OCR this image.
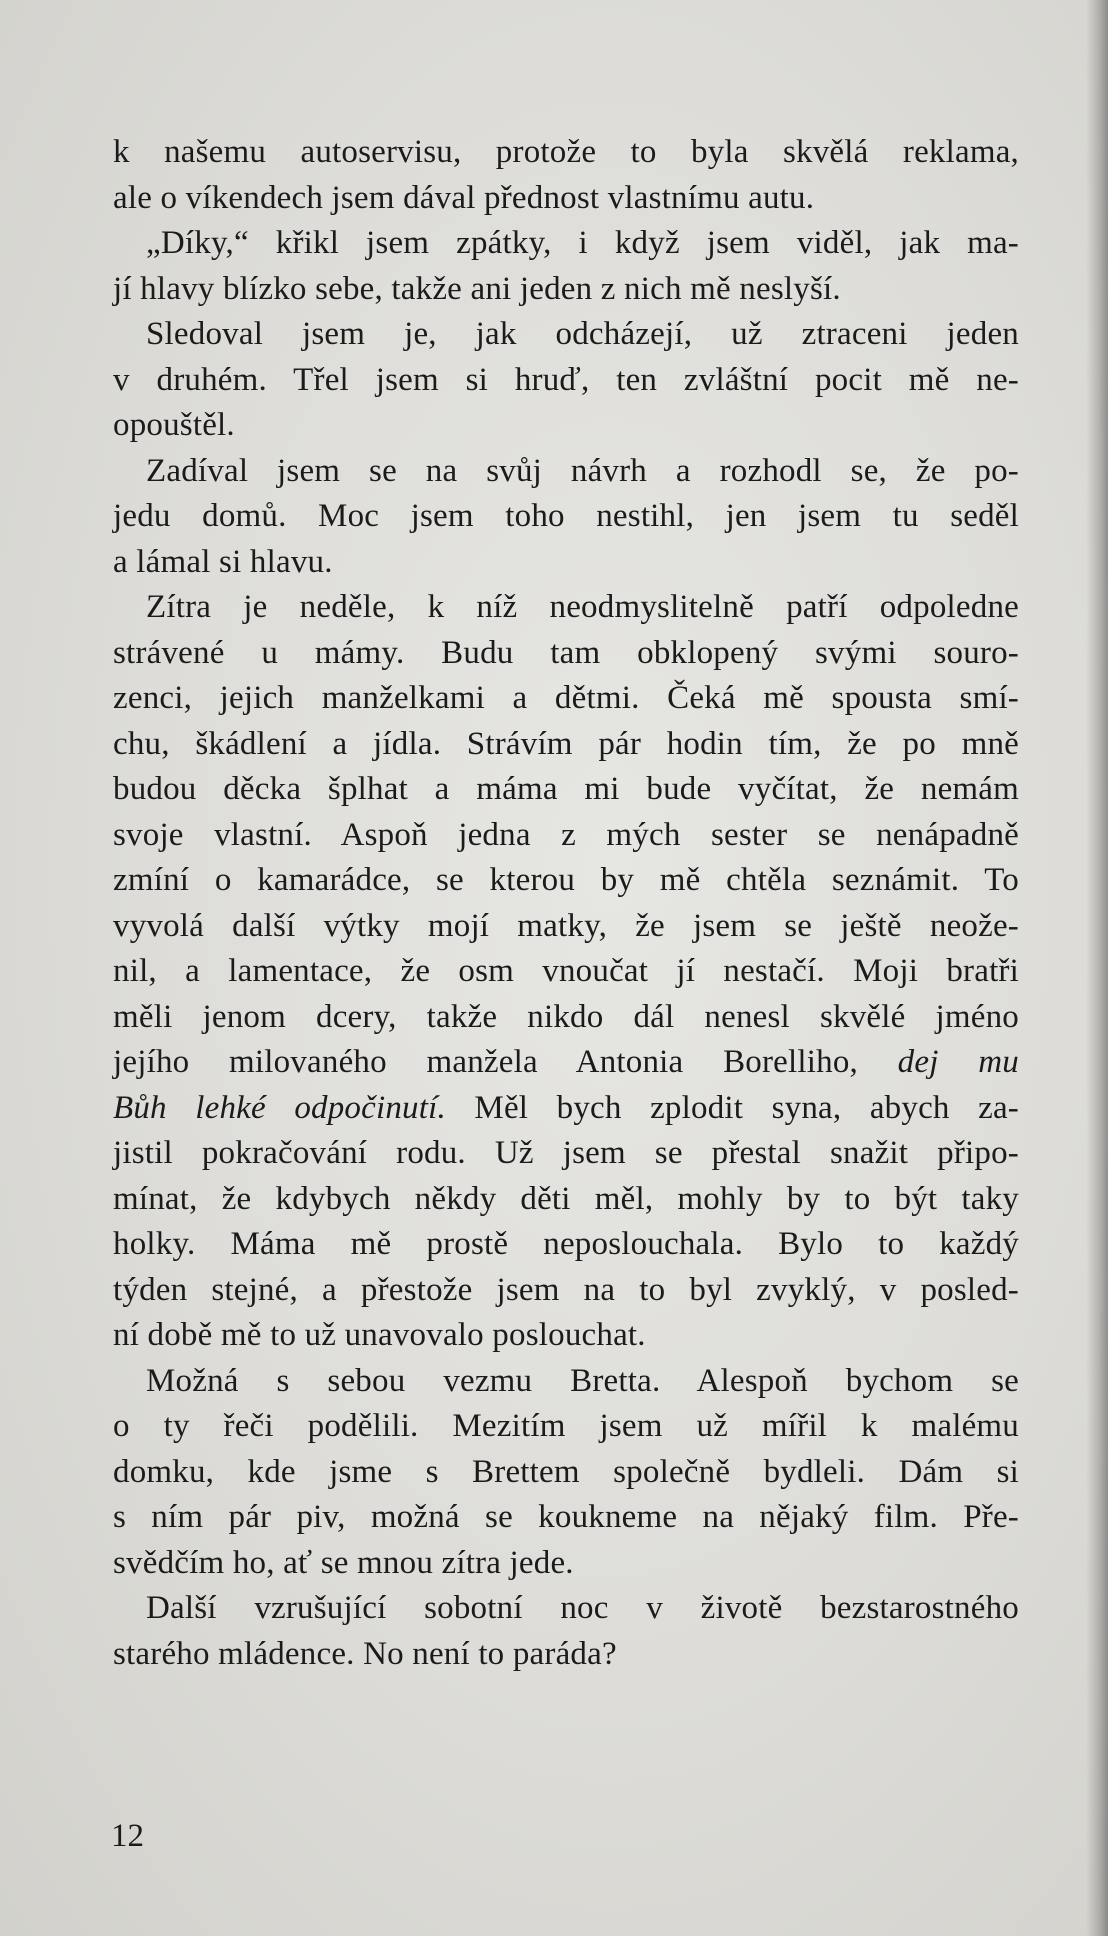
k našemu autoservisu, protože to byla skvělá reklama,
ale o víkendech jsem dával přednost vlastnímu autu.
„Díky,“ křikl jsem zpátky, i když jsem viděl, jak ma-
jí hlavy blízko sebe, takže ani jeden z nich mě neslyší.
Sledoval jsem je, jak odcházejí, už ztraceni jeden
v druhém. Třel jsem si hruď, ten zvláštní pocit mě ne-
opouštěl.
Zadíval jsem se na svůj návrh a rozhodl se, že po-
jedu domů. Moc jsem toho nestihl, jen jsem tu seděl
a lámal si hlavu.
Zítra je neděle, k níž neodmyslitelně patří odpoledne
strávené u mámy. Budu tam obklopený svými souro-
zenci, jejich manželkami a dětmi. Čeká mě spousta smí-
chu, škádlení a jídla. Strávím pár hodin tím, že po mně
budou děcka šplhat a máma mi bude vyčítat, že nemám
svoje vlastní. Aspoň jedna z mých sester se nenápadně
zmíní o kamarádce, se kterou by mě chtěla seznámit. To
vyvolá další výtky mojí matky, že jsem se ještě neože-
nil, a lamentace, že osm vnoučat jí nestačí. Moji bratři
měli jenom dcery, takže nikdo dál nenesl skvělé jméno
jejího milovaného manžela Antonia Borelliho, dej mu
Bůh lehké odpočinutí. Měl bych zplodit syna, abych za-
jistil pokračování rodu. Už jsem se přestal snažit připo-
mínat, že kdybych někdy děti měl, mohly by to být taky
holky. Máma mě prostě neposlouchala. Bylo to každý
týden stejné, a přestože jsem na to byl zvyklý, v posled-
ní době mě to už unavovalo poslouchat.
Možná s sebou vezmu Bretta. Alespoň bychom se
o ty řeči podělili. Mezitím jsem už mířil k malému
domku, kde jsme s Brettem společně bydleli. Dám si
s ním pár piv, možná se koukneme na nějaký film. Pře-
svědčím ho, ať se mnou zítra jede.
Další vzrušující sobotní noc v životě bezstarostného
starého mládence. No není to paráda?
12
